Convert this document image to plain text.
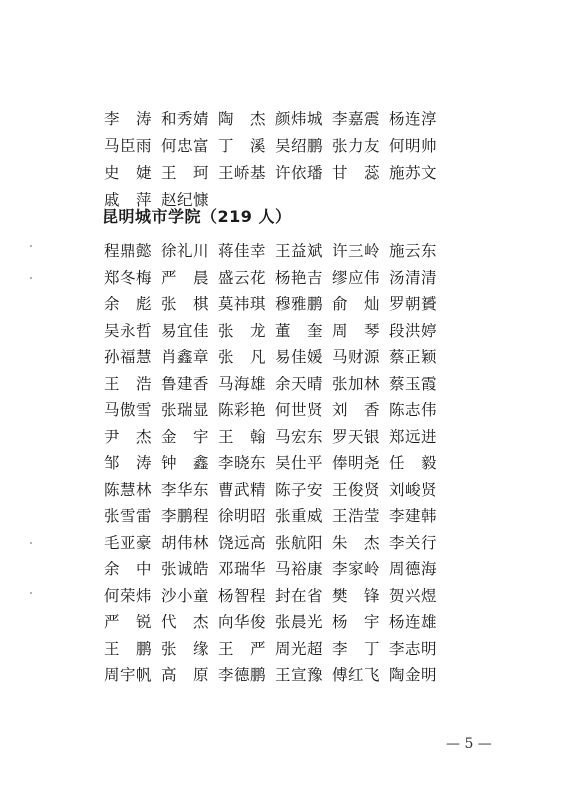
李　涛 和秀婧 陶　杰 颜炜城 李嘉震 杨连淳
马臣雨 何忠富 丁　溪 吴绍鹏 张力友 何明帅
史　婕 王　珂 王峤基 许依璠 甘　蕊 施苏文
戚　萍 赵纪慷
昆明城市学院（219 人）
程鼎懿 徐礼川 蒋佳幸 王益斌 许三岭 施云东
郑冬梅 严　晨 盛云花 杨艳吉 缪应伟 汤清清
余　彪 张　棋 莫祎琪 穆雅鹏 俞　灿 罗朝贇
吴永哲 易宜佳 张　龙 董　奎 周　琴 段洪婷
孙福慧 肖鑫章 张　凡 易佳媛 马财源 蔡正颖
王　浩 鲁建香 马海雄 余天晴 张加林 蔡玉霞
马傲雪 张瑞显 陈彩艳 何世贤 刘　香 陈志伟
尹　杰 金　宇 王　翰 马宏东 罗天银 郑远进
邹　涛 钟　鑫 李晓东 吴仕平 俸明尧 任　毅
陈慧林 李华东 曹武精 陈子安 王俊贤 刘峻贤
张雪雷 李鹏程 徐明昭 张重威 王浩莹 李建韩
毛亚豪 胡伟林 饶远高 张航阳 朱　杰 李关行
余　中 张诚皓 邓瑞华 马裕康 李家岭 周德海
何荣炜 沙小童 杨智程 封在省 樊　锋 贺兴煜
严　锐 代　杰 向华俊 张晨光 杨　宇 杨连雄
王　鹏 张　缘 王　严 周光超 李　丁 李志明
周宇帆 高　原 李德鹏 王宣豫 傅红飞 陶金明
— 5 —
